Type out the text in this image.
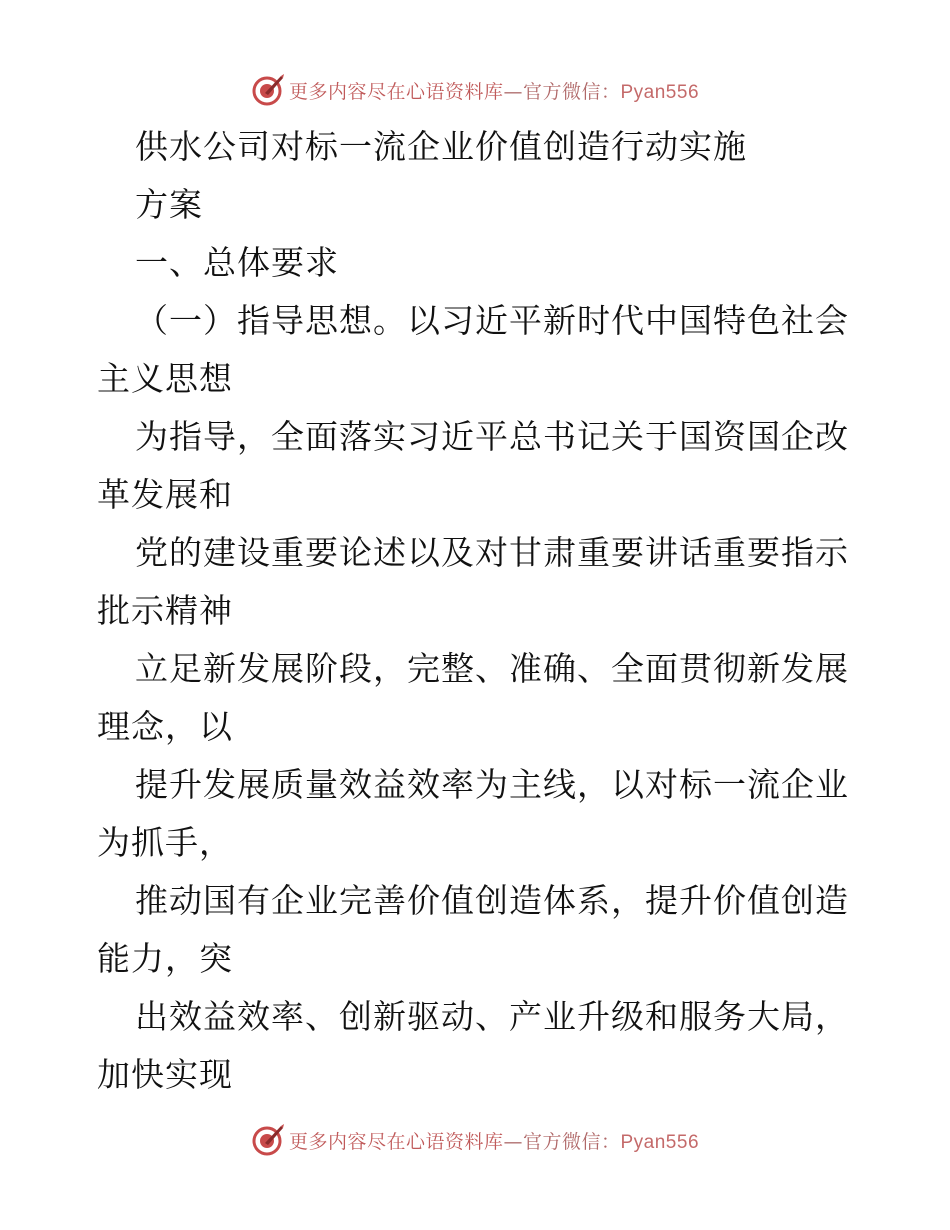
更多内容尽在心语资料库—官方微信：Pyan556
供水公司对标一流企业价值创造行动实施
方案
一、总体要求
（一）指导思想。以习近平新时代中国特色社会
主义思想
为指导，全面落实习近平总书记关于国资国企改
革发展和
党的建设重要论述以及对甘肃重要讲话重要指示
批示精神
立足新发展阶段，完整、准确、全面贯彻新发展
理念，以
提升发展质量效益效率为主线，以对标一流企业
为抓手，
推动国有企业完善价值创造体系，提升价值创造
能力，突
出效益效率、创新驱动、产业升级和服务大局，
加快实现
更多内容尽在心语资料库—官方微信：Pyan556
